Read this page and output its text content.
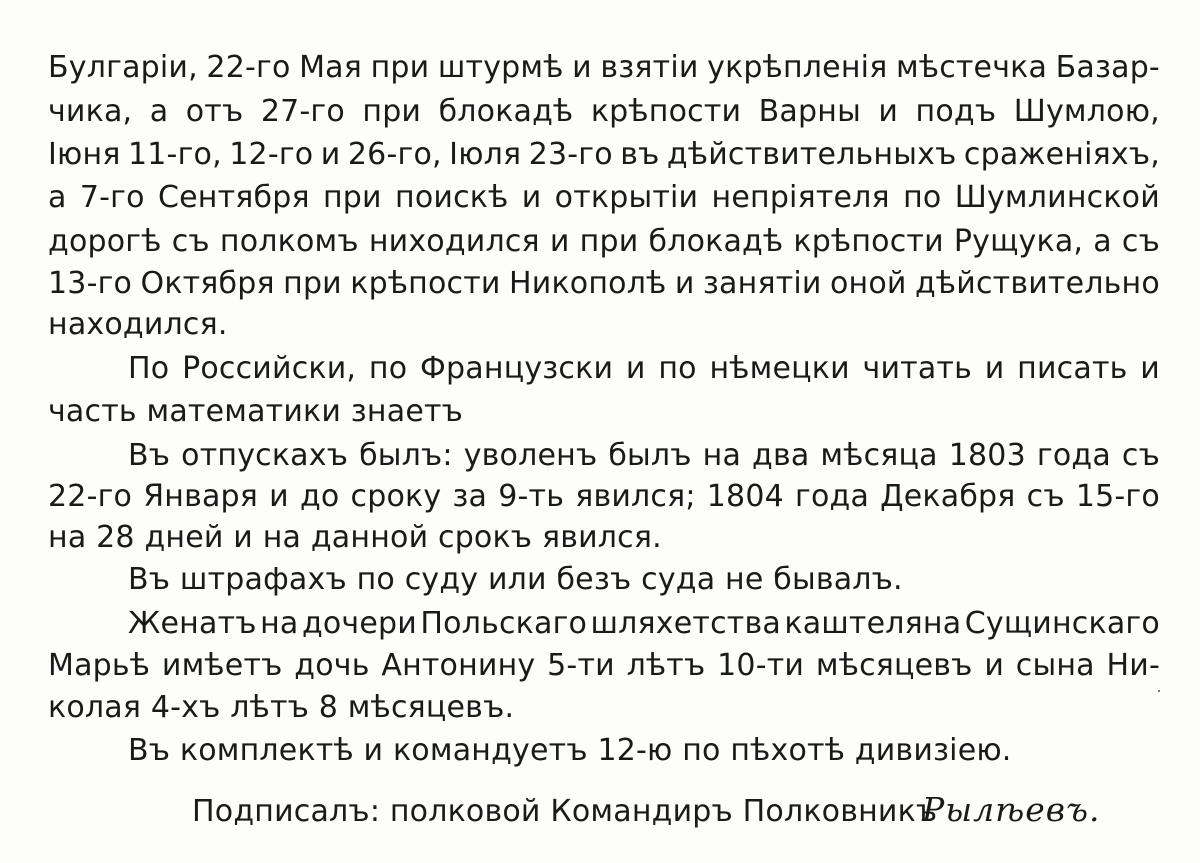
Булгаріи, 22-го Мая при штурмѣ и взятіи укрѣпленія мѣстечка Базар-
чика, а отъ 27-го при блокадѣ крѣпости Варны и подъ Шумлою,
Іюня 11-го, 12-го и 26-го, Іюля 23-го въ дѣйствительныхъ сраженіяхъ,
а 7-го Сентября при поискѣ и открытіи непріятеля по Шумлинской
дорогѣ съ полкомъ ниходился и при блокадѣ крѣпости Рущука, а съ
13-го Октября при крѣпости Никополѣ и занятіи оной дѣйствительно
находился.
По Российски, по Французски и по нѣмецки читать и писать и
часть математики знаетъ
Въ отпускахъ былъ: уволенъ былъ на два мѣсяца 1803 года съ
22-го Января и до сроку за 9-ть явился; 1804 года Декабря съ 15-го
на 28 дней и на данной срокъ явился.
Въ штрафахъ по суду или безъ суда не бывалъ.
Женатъ на дочери Польскаго шляхетства каштеляна Сущинскаго
Марьѣ имѣетъ дочь Антонину 5-ти лѣтъ 10-ти мѣсяцевъ и сына Ни-
колая 4-хъ лѣтъ 8 мѣсяцевъ.
Въ комплектѣ и командуетъ 12-ю по пѣхотѣ дивизіею.
Подписалъ: полковой Командиръ Полковникъ
Рылѣевъ.
